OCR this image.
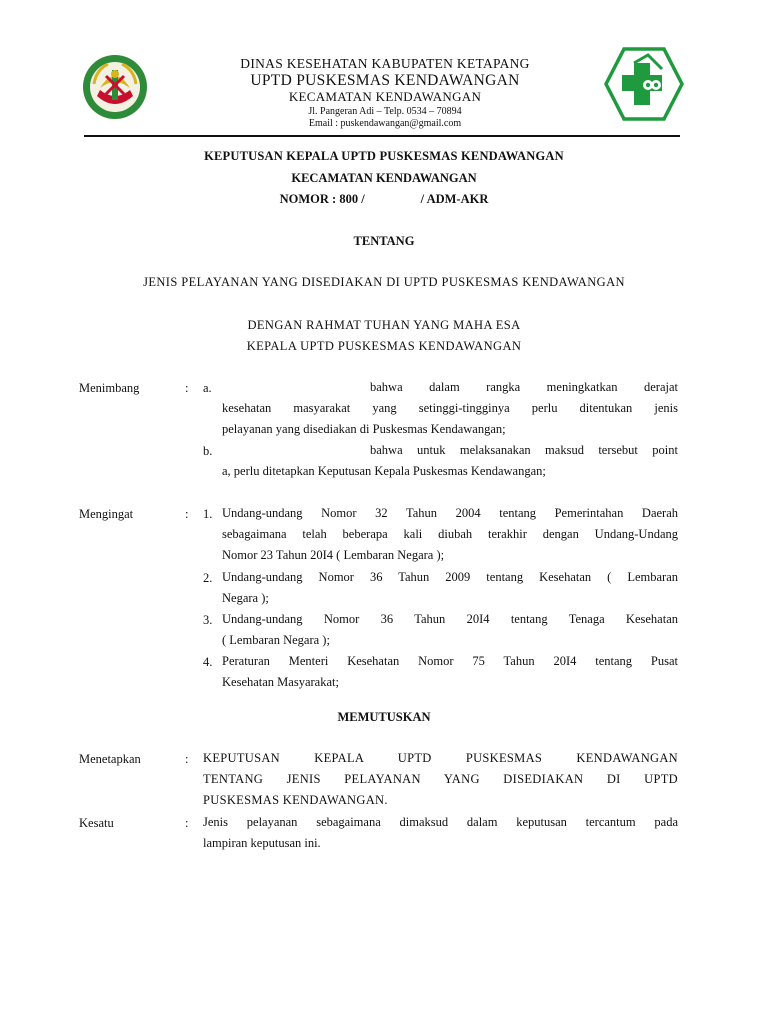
DINAS KESEHATAN KABUPATEN KETAPANG
UPTD PUSKESMAS KENDAWANGAN
KECAMATAN KENDAWANGAN
Jl. Pangeran Adi – Telp. 0534 – 70894
Email : puskendawangan@gmail.com
KEPUTUSAN KEPALA UPTD PUSKESMAS KENDAWANGAN
KECAMATAN KENDAWANGAN
NOMOR : 800 /	/ ADM-AKR
TENTANG
JENIS PELAYANAN YANG DISEDIAKAN DI UPTD PUSKESMAS KENDAWANGAN
DENGAN RAHMAT TUHAN YANG MAHA ESA
KEPALA UPTD PUSKESMAS KENDAWANGAN
Menimbang	: a.	bahwa dalam rangka meningkatkan derajat
kesehatan masyarakat yang setinggi-tingginya perlu ditentukan jenis
pelayanan yang disediakan di Puskesmas Kendawangan;
b.	bahwa untuk melaksanakan maksud tersebut point
a, perlu ditetapkan Keputusan Kepala Puskesmas Kendawangan;
Mengingat	: 1. Undang-undang Nomor 32 Tahun 2004 tentang Pemerintahan Daerah
sebagaimana telah beberapa kali diubah terakhir dengan Undang-Undang
Nomor 23 Tahun 20I4 ( Lembaran Negara );
2. Undang-undang Nomor 36 Tahun 2009 tentang Kesehatan ( Lembaran
Negara );
3. Undang-undang Nomor 36 Tahun 20I4 tentang Tenaga Kesehatan
( Lembaran Negara );
4. Peraturan Menteri Kesehatan Nomor 75 Tahun 20I4 tentang Pusat
Kesehatan Masyarakat;
MEMUTUSKAN
Menetapkan	: KEPUTUSAN KEPALA UPTD PUSKESMAS KENDAWANGAN
TENTANG JENIS PELAYANAN YANG DISEDIAKAN DI UPTD
PUSKESMAS KENDAWANGAN.
Kesatu	: Jenis pelayanan sebagaimana dimaksud dalam keputusan tercantum pada
lampiran keputusan ini.
